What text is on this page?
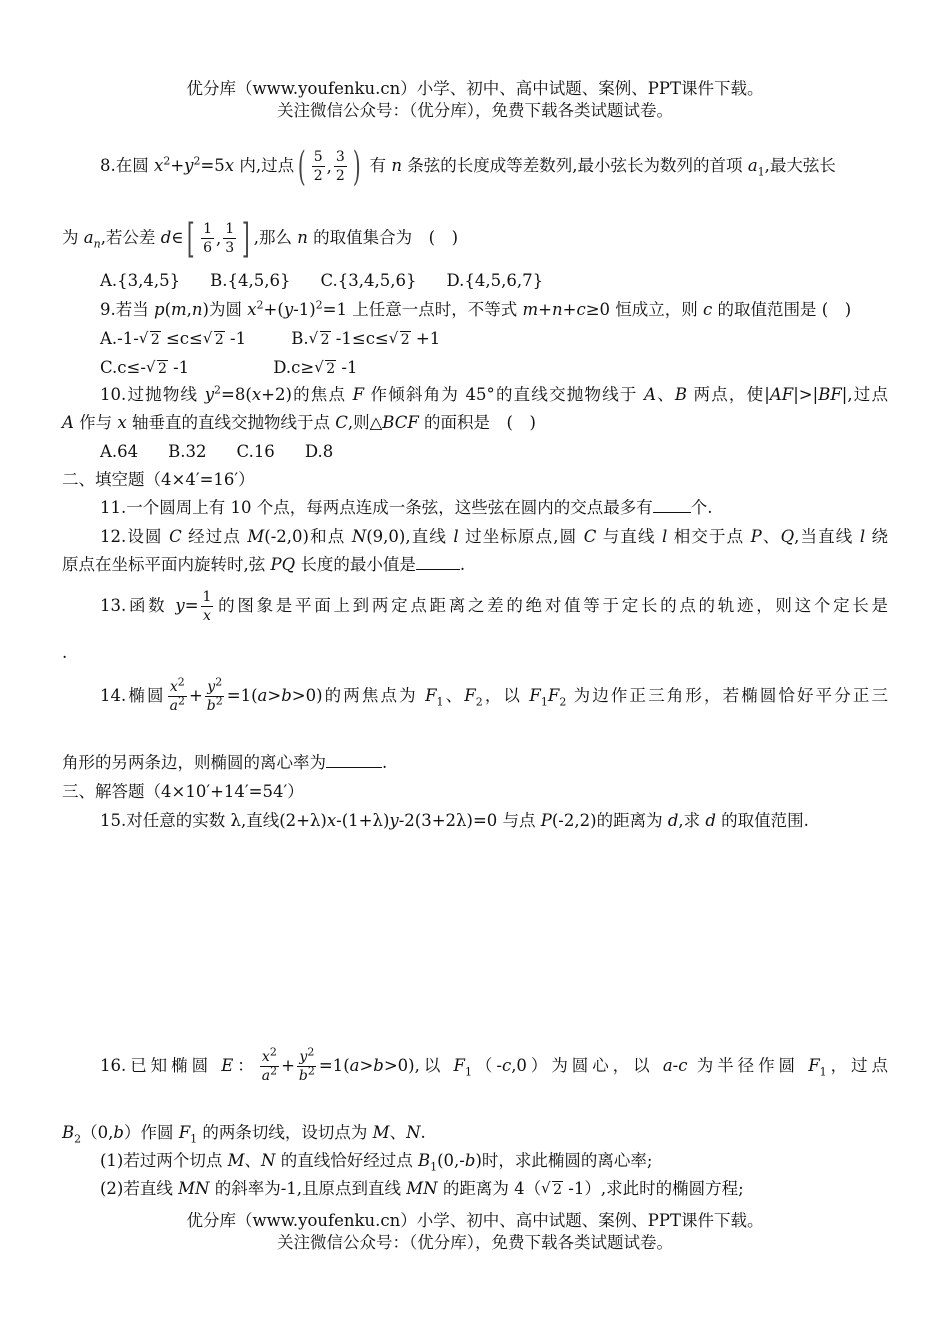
优分库（www.youfenku.cn）小学、初中、高中试题、案例、PPT课件下载。
关注微信公众号：（优分库），免费下载各类试题试卷。
8.在圆 $x^2+y^2=5x$ 内,过点 ( $\frac{5}{2}$ , $\frac{3}{2}$ ) 有 n 条弦的长度成等差数列,最小弦长为数列的首项 $a_1$,最大弦长
为 $a_n$,若公差 d∈ [ $\frac{1}{6}$ , $\frac{1}{3}$ ] ,那么 n 的取值集合为　(　)
A.{3,4,5} B.{4,5,6} C.{3,4,5,6} D.{4,5,6,7}
9.若当 p(m,n)为圆 $x^2+(y-1)^2=1$ 上任意一点时，不等式 m+n+c≥0 恒成立，则 c 的取值范围是 (　)
A.-1- √ 2 ≤c≤ √ 2 -1	B. √ 2 -1≤c≤ √ 2 +1
C.c≤- √ 2 -1	D.c≥ √ 2 -1
10.过抛物线 $y^2=8(x+2)$的焦点 F 作倾斜角为 45°的直线交抛物线于 A、B 两点，使|AF|>|BF|,过点
A 作与 x 轴垂直的直线交抛物线于点 C,则△BCF 的面积是　(　)
A.64 B.32 C.16 D.8
二、填空题（4×4′=16′）
11.一个圆周上有 10 个点，每两点连成一条弦，这些弦在圆内的交点最多有 个.
12.设圆 C 经过点 M(-2,0)和点 N(9,0),直线 l 过坐标原点,圆 C 与直线 l 相交于点 P、Q,当直线 l 绕
原点在坐标平面内旋转时,弦 PQ 长度的最小值是	.
13.函数 $y= \frac{1}{x}$ 的图象是平面上到两定点距离之差的绝对值等于定长的点的轨迹，则这个定长是
.
14.椭圆 $\frac{x^2}{a^2} + \frac{y^2}{b^2} =1(a>b>0)$的两焦点为 $F_1$、$F_2$，以 $F_1F_2$ 为边作正三角形，若椭圆恰好平分正三
角形的另两条边，则椭圆的离心率为	.
三、解答题（4×10′+14′=54′）
15.对任意的实数 λ,直线(2+λ)x-(1+λ)y-2(3+2λ)=0 与点 P(-2,2)的距离为 d,求 d 的取值范围.
16.已知椭圆 E： $\frac{x^2}{a^2} + \frac{y^2}{b^2} =1(a>b>0)$,以 $F_1(-c,0)$为圆心，以 a-c 为半径作圆 $F_1$，过点
$B_2(0,b)$作圆 $F_1$ 的两条切线，设切点为 M、N.
(1)若过两个切点 M、N 的直线恰好经过点 $B_1(0,-b)$时，求此椭圆的离心率;
(2)若直线 MN 的斜率为-1,且原点到直线 MN 的距离为 4（ √ 2 -1）,求此时的椭圆方程;
优分库（www.youfenku.cn）小学、初中、高中试题、案例、PPT课件下载。
关注微信公众号：（优分库），免费下载各类试题试卷。
